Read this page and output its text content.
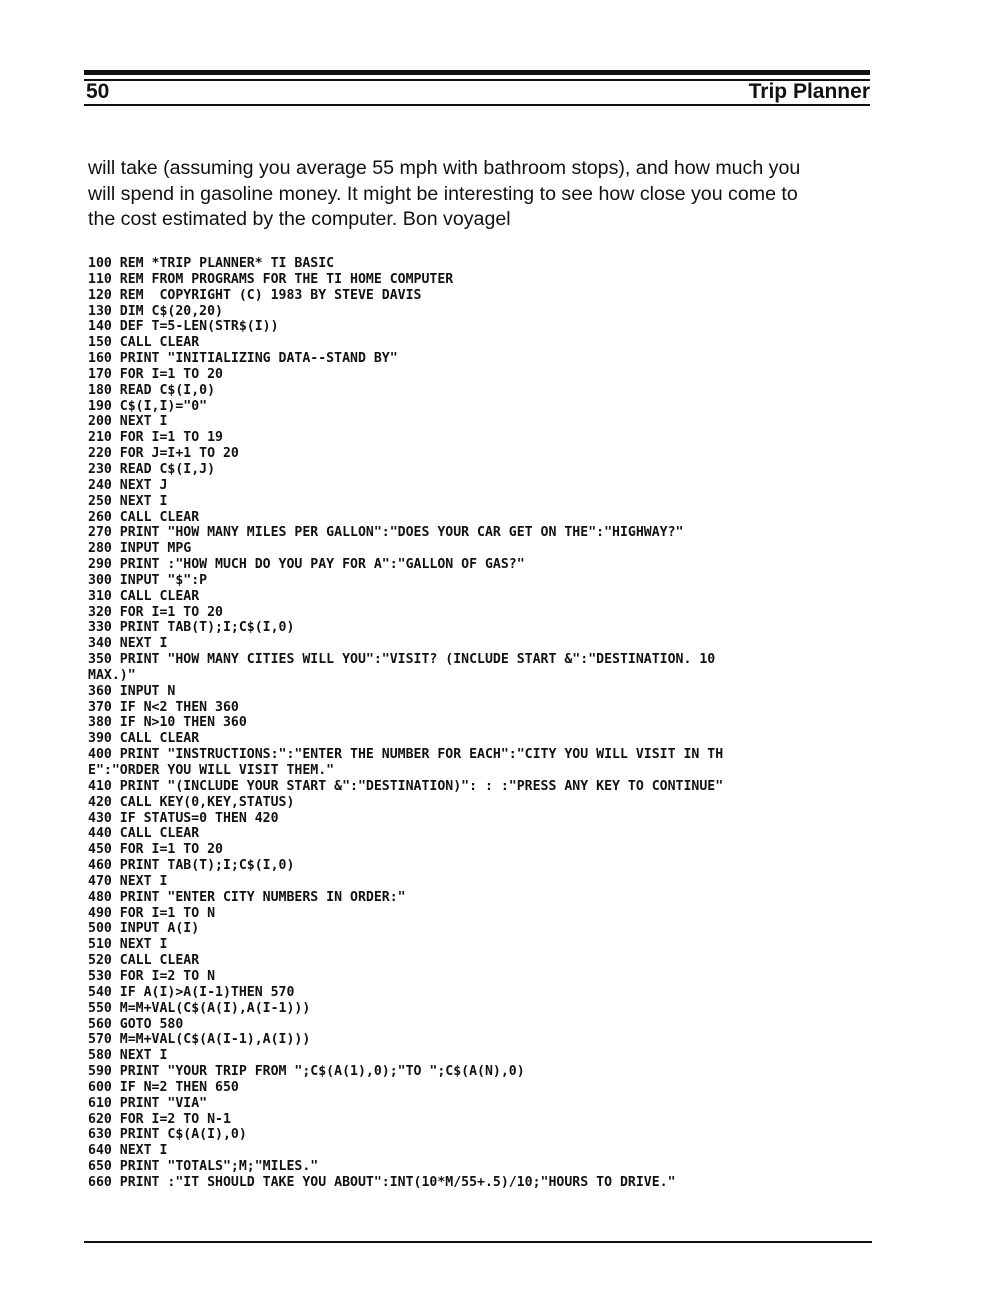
50	Trip Planner
will take (assuming you average 55 mph with bathroom stops), and how much you
will spend in gasoline money. It might be interesting to see how close you come to
the cost estimated by the computer. Bon voyagel
100 REM *TRIP PLANNER* TI BASIC
110 REM FROM PROGRAMS FOR THE TI HOME COMPUTER
120 REM  COPYRIGHT (C) 1983 BY STEVE DAVIS
130 DIM C$(20,20)
140 DEF T=5-LEN(STR$(I))
150 CALL CLEAR
160 PRINT "INITIALIZING DATA--STAND BY"
170 FOR I=1 TO 20
180 READ C$(I,0)
190 C$(I,I)="0"
200 NEXT I
210 FOR I=1 TO 19
220 FOR J=I+1 TO 20
230 READ C$(I,J)
240 NEXT J
250 NEXT I
260 CALL CLEAR
270 PRINT "HOW MANY MILES PER GALLON":"DOES YOUR CAR GET ON THE":"HIGHWAY?"
280 INPUT MPG
290 PRINT :"HOW MUCH DO YOU PAY FOR A":"GALLON OF GAS?"
300 INPUT "$":P
310 CALL CLEAR
320 FOR I=1 TO 20
330 PRINT TAB(T);I;C$(I,0)
340 NEXT I
350 PRINT "HOW MANY CITIES WILL YOU":"VISIT? (INCLUDE START &":"DESTINATION. 10
MAX.)"
360 INPUT N
370 IF N<2 THEN 360
380 IF N>10 THEN 360
390 CALL CLEAR
400 PRINT "INSTRUCTIONS:":"ENTER THE NUMBER FOR EACH":"CITY YOU WILL VISIT IN TH
E":"ORDER YOU WILL VISIT THEM."
410 PRINT "(INCLUDE YOUR START &":"DESTINATION)": : :"PRESS ANY KEY TO CONTINUE"
420 CALL KEY(0,KEY,STATUS)
430 IF STATUS=0 THEN 420
440 CALL CLEAR
450 FOR I=1 TO 20
460 PRINT TAB(T);I;C$(I,0)
470 NEXT I
480 PRINT "ENTER CITY NUMBERS IN ORDER:"
490 FOR I=1 TO N
500 INPUT A(I)
510 NEXT I
520 CALL CLEAR
530 FOR I=2 TO N
540 IF A(I)>A(I-1)THEN 570
550 M=M+VAL(C$(A(I),A(I-1)))
560 GOTO 580
570 M=M+VAL(C$(A(I-1),A(I)))
580 NEXT I
590 PRINT "YOUR TRIP FROM ";C$(A(1),0);"TO ";C$(A(N),0)
600 IF N=2 THEN 650
610 PRINT "VIA"
620 FOR I=2 TO N-1
630 PRINT C$(A(I),0)
640 NEXT I
650 PRINT "TOTALS";M;"MILES."
660 PRINT :"IT SHOULD TAKE YOU ABOUT":INT(10*M/55+.5)/10;"HOURS TO DRIVE."
